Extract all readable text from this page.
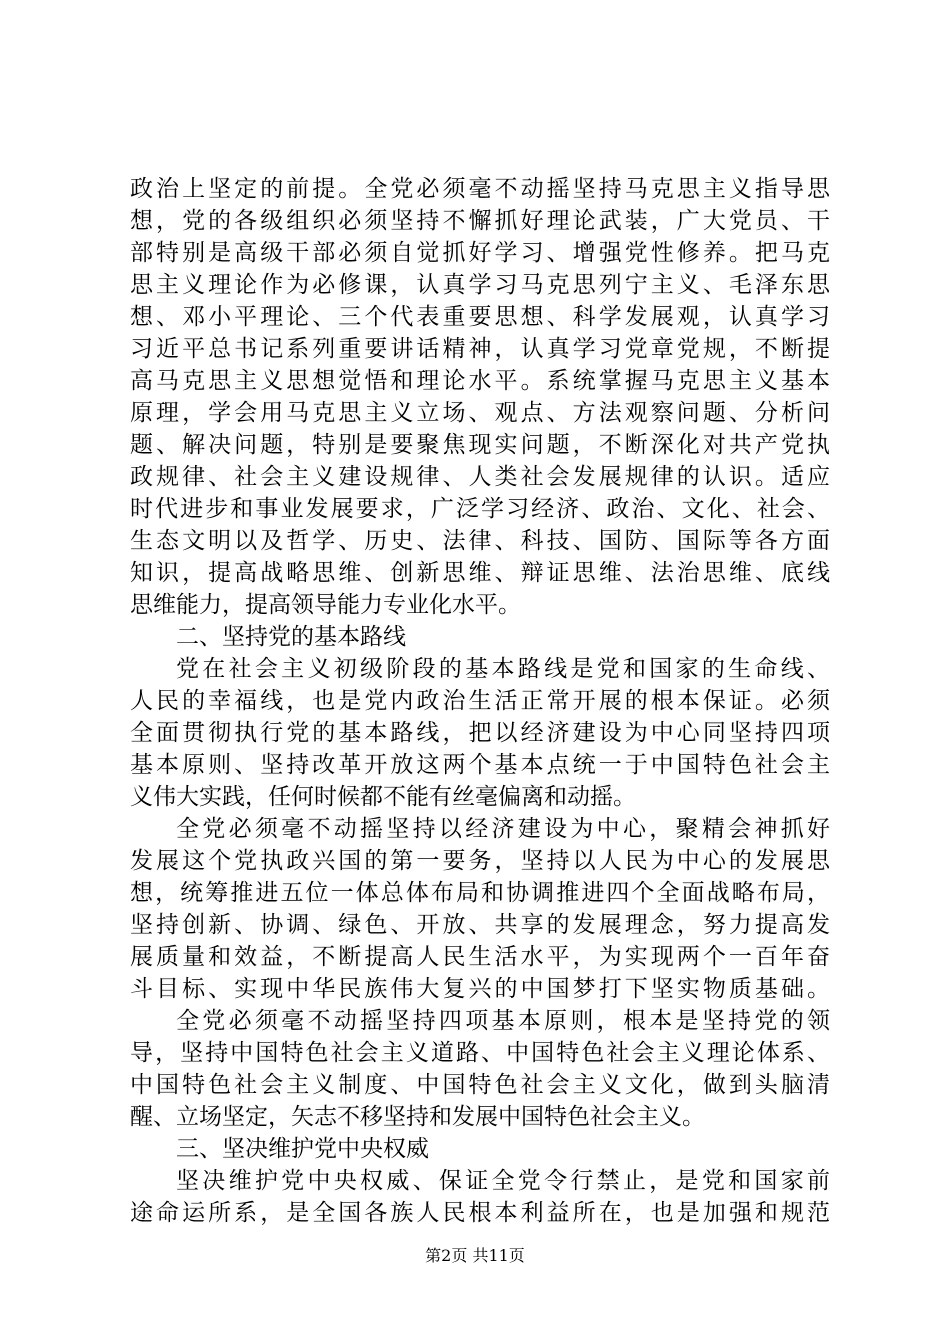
政治上坚定的前提。全党必须毫不动摇坚持马克思主义指导思
想，党的各级组织必须坚持不懈抓好理论武装，广大党员、干
部特别是高级干部必须自觉抓好学习、增强党性修养。把马克
思主义理论作为必修课，认真学习马克思列宁主义、毛泽东思
想、邓小平理论、三个代表重要思想、科学发展观，认真学习
习近平总书记系列重要讲话精神，认真学习党章党规，不断提
高马克思主义思想觉悟和理论水平。系统掌握马克思主义基本
原理，学会用马克思主义立场、观点、方法观察问题、分析问
题、解决问题，特别是要聚焦现实问题，不断深化对共产党执
政规律、社会主义建设规律、人类社会发展规律的认识。适应
时代进步和事业发展要求，广泛学习经济、政治、文化、社会、
生态文明以及哲学、历史、法律、科技、国防、国际等各方面
知识，提高战略思维、创新思维、辩证思维、法治思维、底线
思维能力，提高领导能力专业化水平。
二、坚持党的基本路线
党在社会主义初级阶段的基本路线是党和国家的生命线、
人民的幸福线，也是党内政治生活正常开展的根本保证。必须
全面贯彻执行党的基本路线，把以经济建设为中心同坚持四项
基本原则、坚持改革开放这两个基本点统一于中国特色社会主
义伟大实践，任何时候都不能有丝毫偏离和动摇。
全党必须毫不动摇坚持以经济建设为中心，聚精会神抓好
发展这个党执政兴国的第一要务，坚持以人民为中心的发展思
想，统筹推进五位一体总体布局和协调推进四个全面战略布局，
坚持创新、协调、绿色、开放、共享的发展理念，努力提高发
展质量和效益，不断提高人民生活水平，为实现两个一百年奋
斗目标、实现中华民族伟大复兴的中国梦打下坚实物质基础。
全党必须毫不动摇坚持四项基本原则，根本是坚持党的领
导，坚持中国特色社会主义道路、中国特色社会主义理论体系、
中国特色社会主义制度、中国特色社会主义文化，做到头脑清
醒、立场坚定，矢志不移坚持和发展中国特色社会主义。
三、坚决维护党中央权威
坚决维护党中央权威、保证全党令行禁止，是党和国家前
途命运所系，是全国各族人民根本利益所在，也是加强和规范
第2页 共11页
